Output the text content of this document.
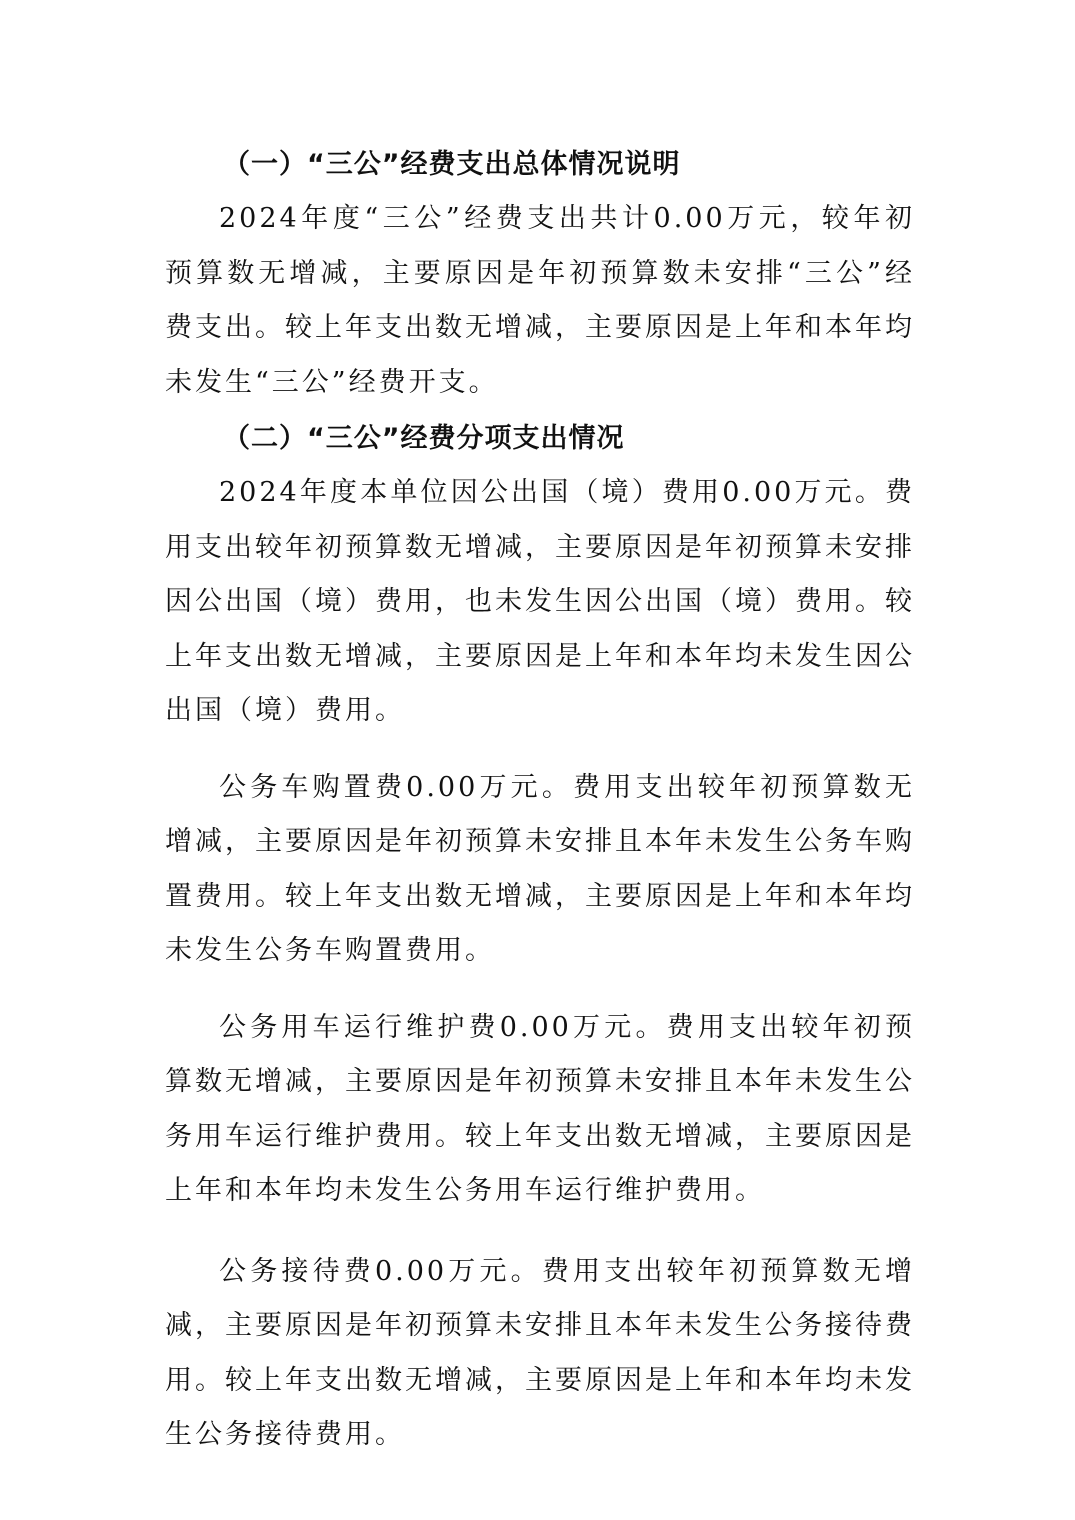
（一）“三公”经费支出总体情况说明

2024年度“三公”经费支出共计0.00万元，较年初预算数无增减，主要原因是年初预算数未安排“三公”经费支出。较上年支出数无增减，主要原因是上年和本年均未发生“三公”经费开支。

（二）“三公”经费分项支出情况

2024年度本单位因公出国（境）费用0.00万元。费用支出较年初预算数无增减，主要原因是年初预算未安排因公出国（境）费用，也未发生因公出国（境）费用。较上年支出数无增减，主要原因是上年和本年均未发生因公出国（境）费用。

公务车购置费0.00万元。费用支出较年初预算数无增减，主要原因是年初预算未安排且本年未发生公务车购置费用。较上年支出数无增减，主要原因是上年和本年均未发生公务车购置费用。

公务用车运行维护费0.00万元。费用支出较年初预算数无增减，主要原因是年初预算未安排且本年未发生公务用车运行维护费用。较上年支出数无增减，主要原因是上年和本年均未发生公务用车运行维护费用。

公务接待费0.00万元。费用支出较年初预算数无增减，主要原因是年初预算未安排且本年未发生公务接待费用。较上年支出数无增减，主要原因是上年和本年均未发生公务接待费用。
